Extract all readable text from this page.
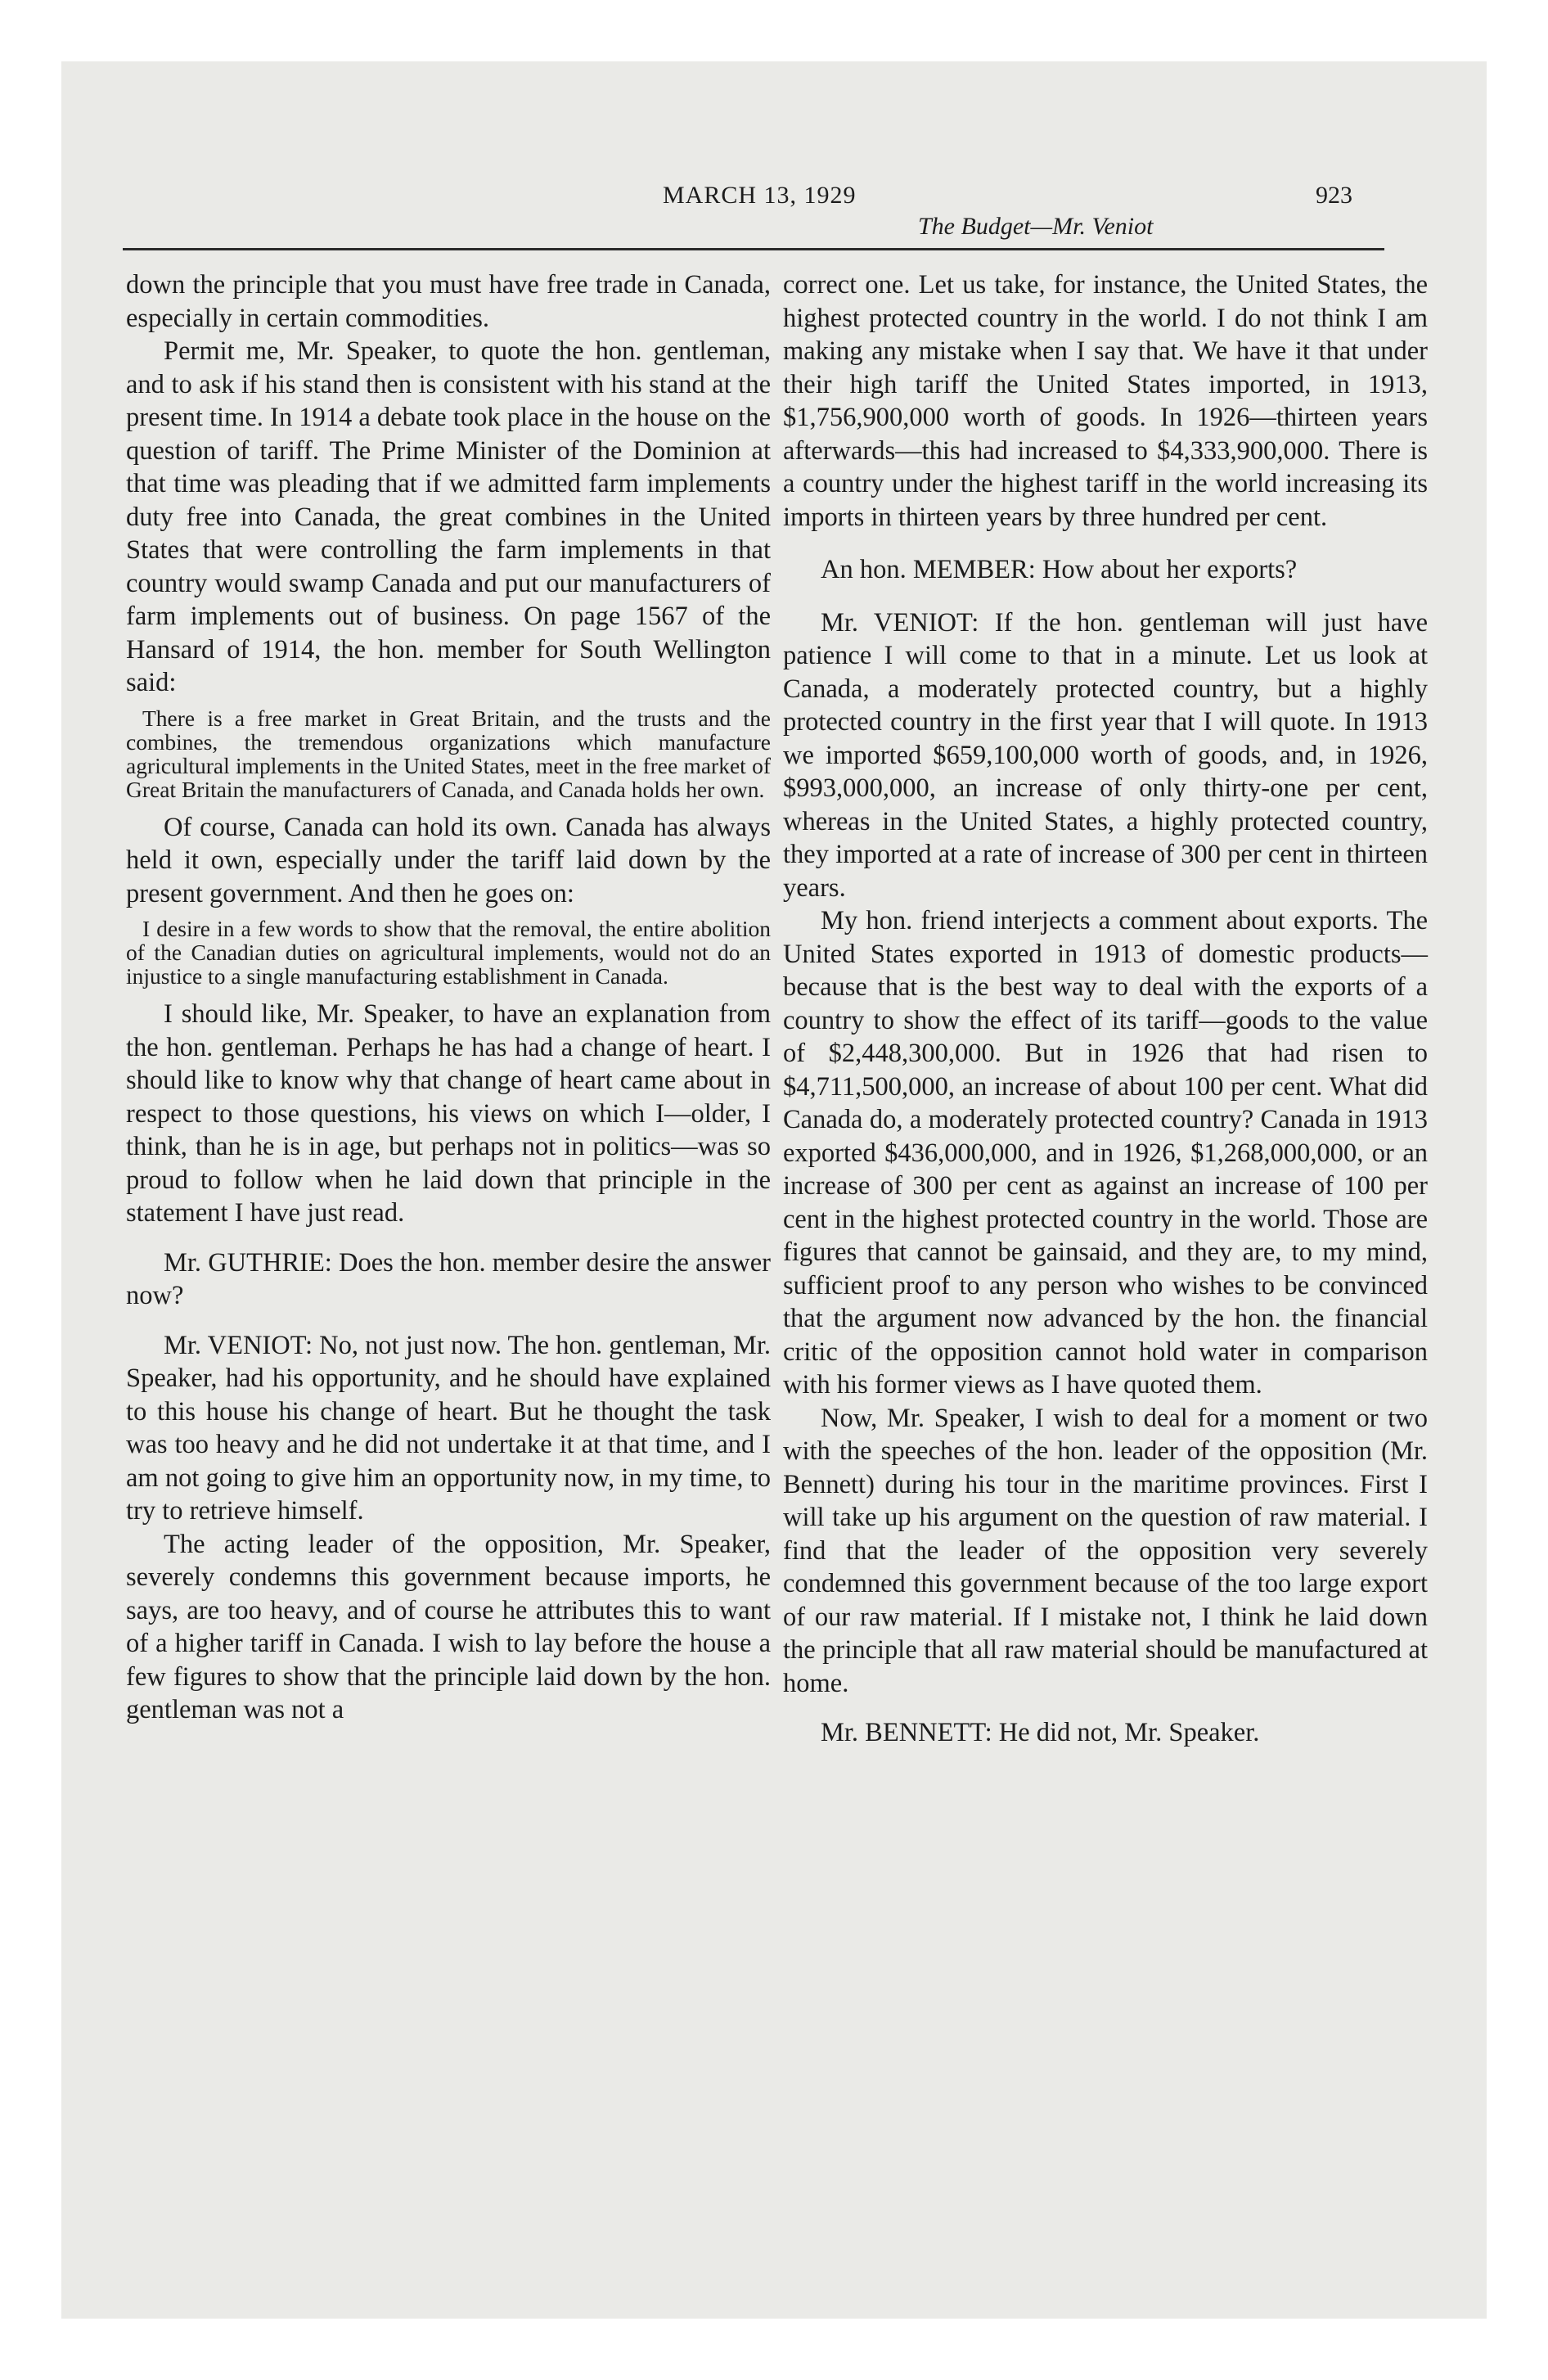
MARCH 13, 1929
The Budget—Mr. Veniot
923

down the principle that you must have free trade in Canada, especially in certain commodities.

Permit me, Mr. Speaker, to quote the hon. gentleman, and to ask if his stand then is consistent with his stand at the present time. In 1914 a debate took place in the house on the question of tariff. The Prime Minister of the Dominion at that time was pleading that if we admitted farm implements duty free into Canada, the great combines in the United States that were controlling the farm implements in that country would swamp Canada and put our manufacturers of farm implements out of business. On page 1567 of the Hansard of 1914, the hon. member for South Wellington said:

There is a free market in Great Britain, and the trusts and the combines, the tremendous organizations which manufacture agricultural implements in the United States, meet in the free market of Great Britain the manufacturers of Canada, and Canada holds her own.

Of course, Canada can hold its own. Canada has always held it own, especially under the tariff laid down by the present government. And then he goes on:

I desire in a few words to show that the removal, the entire abolition of the Canadian duties on agricultural implements, would not do an injustice to a single manufacturing establishment in Canada.

I should like, Mr. Speaker, to have an explanation from the hon. gentleman. Perhaps he has had a change of heart. I should like to know why that change of heart came about in respect to those questions, his views on which I—older, I think, than he is in age, but perhaps not in politics—was so proud to follow when he laid down that principle in the statement I have just read.

Mr. GUTHRIE: Does the hon. member desire the answer now?

Mr. VENIOT: No, not just now. The hon. gentleman, Mr. Speaker, had his opportunity, and he should have explained to this house his change of heart. But he thought the task was too heavy and he did not undertake it at that time, and I am not going to give him an opportunity now, in my time, to try to retrieve himself.

The acting leader of the opposition, Mr. Speaker, severely condemns this government because imports, he says, are too heavy, and of course he attributes this to want of a higher tariff in Canada. I wish to lay before the house a few figures to show that the principle laid down by the hon. gentleman was not a

correct one. Let us take, for instance, the United States, the highest protected country in the world. I do not think I am making any mistake when I say that. We have it that under their high tariff the United States imported, in 1913, $1,756,900,000 worth of goods. In 1926—thirteen years afterwards—this had increased to $4,333,900,000. There is a country under the highest tariff in the world increasing its imports in thirteen years by three hundred per cent.

An hon. MEMBER: How about her exports?

Mr. VENIOT: If the hon. gentleman will just have patience I will come to that in a minute. Let us look at Canada, a moderately protected country, but a highly protected country in the first year that I will quote. In 1913 we imported $659,100,000 worth of goods, and, in 1926, $993,000,000, an increase of only thirty-one per cent, whereas in the United States, a highly protected country, they imported at a rate of increase of 300 per cent in thirteen years.

My hon. friend interjects a comment about exports. The United States exported in 1913 of domestic products—because that is the best way to deal with the exports of a country to show the effect of its tariff—goods to the value of $2,448,300,000. But in 1926 that had risen to $4,711,500,000, an increase of about 100 per cent. What did Canada do, a moderately protected country? Canada in 1913 exported $436,000,000, and in 1926, $1,268,000,000, or an increase of 300 per cent as against an increase of 100 per cent in the highest protected country in the world. Those are figures that cannot be gainsaid, and they are, to my mind, sufficient proof to any person who wishes to be convinced that the argument now advanced by the hon. the financial critic of the opposition cannot hold water in comparison with his former views as I have quoted them.

Now, Mr. Speaker, I wish to deal for a moment or two with the speeches of the hon. leader of the opposition (Mr. Bennett) during his tour in the maritime provinces. First I will take up his argument on the question of raw material. I find that the leader of the opposition very severely condemned this government because of the too large export of our raw material. If I mistake not, I think he laid down the principle that all raw material should be manufactured at home.

Mr. BENNETT: He did not, Mr. Speaker.
